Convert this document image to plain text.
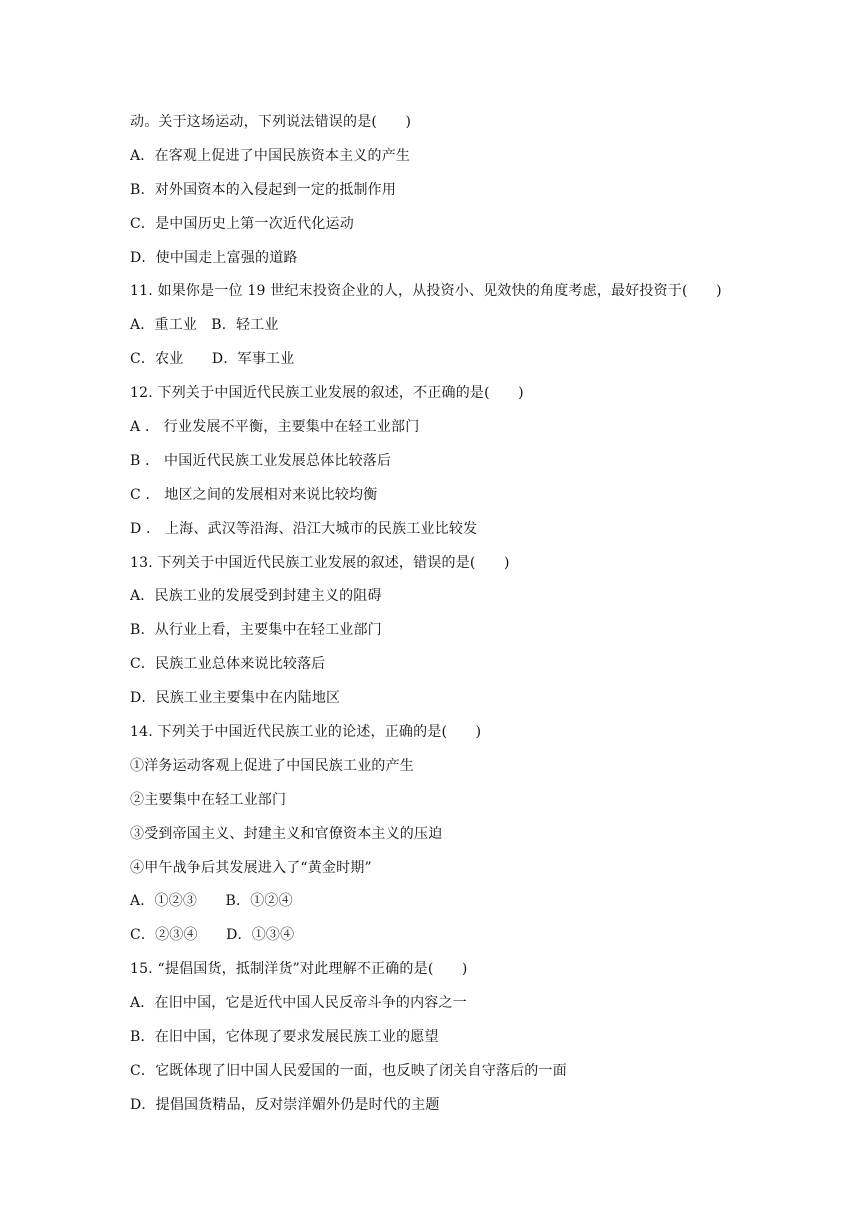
动。关于这场运动，下列说法错误的是(　　)
A．在客观上促进了中国民族资本主义的产生
B．对外国资本的入侵起到一定的抵制作用
C．是中国历史上第一次近代化运动
D．使中国走上富强的道路
11. 如果你是一位 19 世纪末投资企业的人，从投资小、见效快的角度考虑，最好投资于(　　)
A．重工业　B．轻工业
C．农业　　D．军事工业
12. 下列关于中国近代民族工业发展的叙述，不正确的是(　　)
A ． 行业发展不平衡，主要集中在轻工业部门
B ． 中国近代民族工业发展总体比较落后
C ． 地区之间的发展相对来说比较均衡
D ． 上海、武汉等沿海、沿江大城市的民族工业比较发
13. 下列关于中国近代民族工业发展的叙述，错误的是(　　)
A．民族工业的发展受到封建主义的阻碍
B．从行业上看，主要集中在轻工业部门
C．民族工业总体来说比较落后
D．民族工业主要集中在内陆地区
14. 下列关于中国近代民族工业的论述，正确的是(　　)
①洋务运动客观上促进了中国民族工业的产生
②主要集中在轻工业部门
③受到帝国主义、封建主义和官僚资本主义的压迫
④甲午战争后其发展进入了“黄金时期”
A．①②③　　B．①②④
C．②③④　　D．①③④
15. “提倡国货，抵制洋货”对此理解不正确的是(　　)
A．在旧中国，它是近代中国人民反帝斗争的内容之一
B．在旧中国，它体现了要求发展民族工业的愿望
C．它既体现了旧中国人民爱国的一面，也反映了闭关自守落后的一面
D．提倡国货精品，反对崇洋媚外仍是时代的主题
